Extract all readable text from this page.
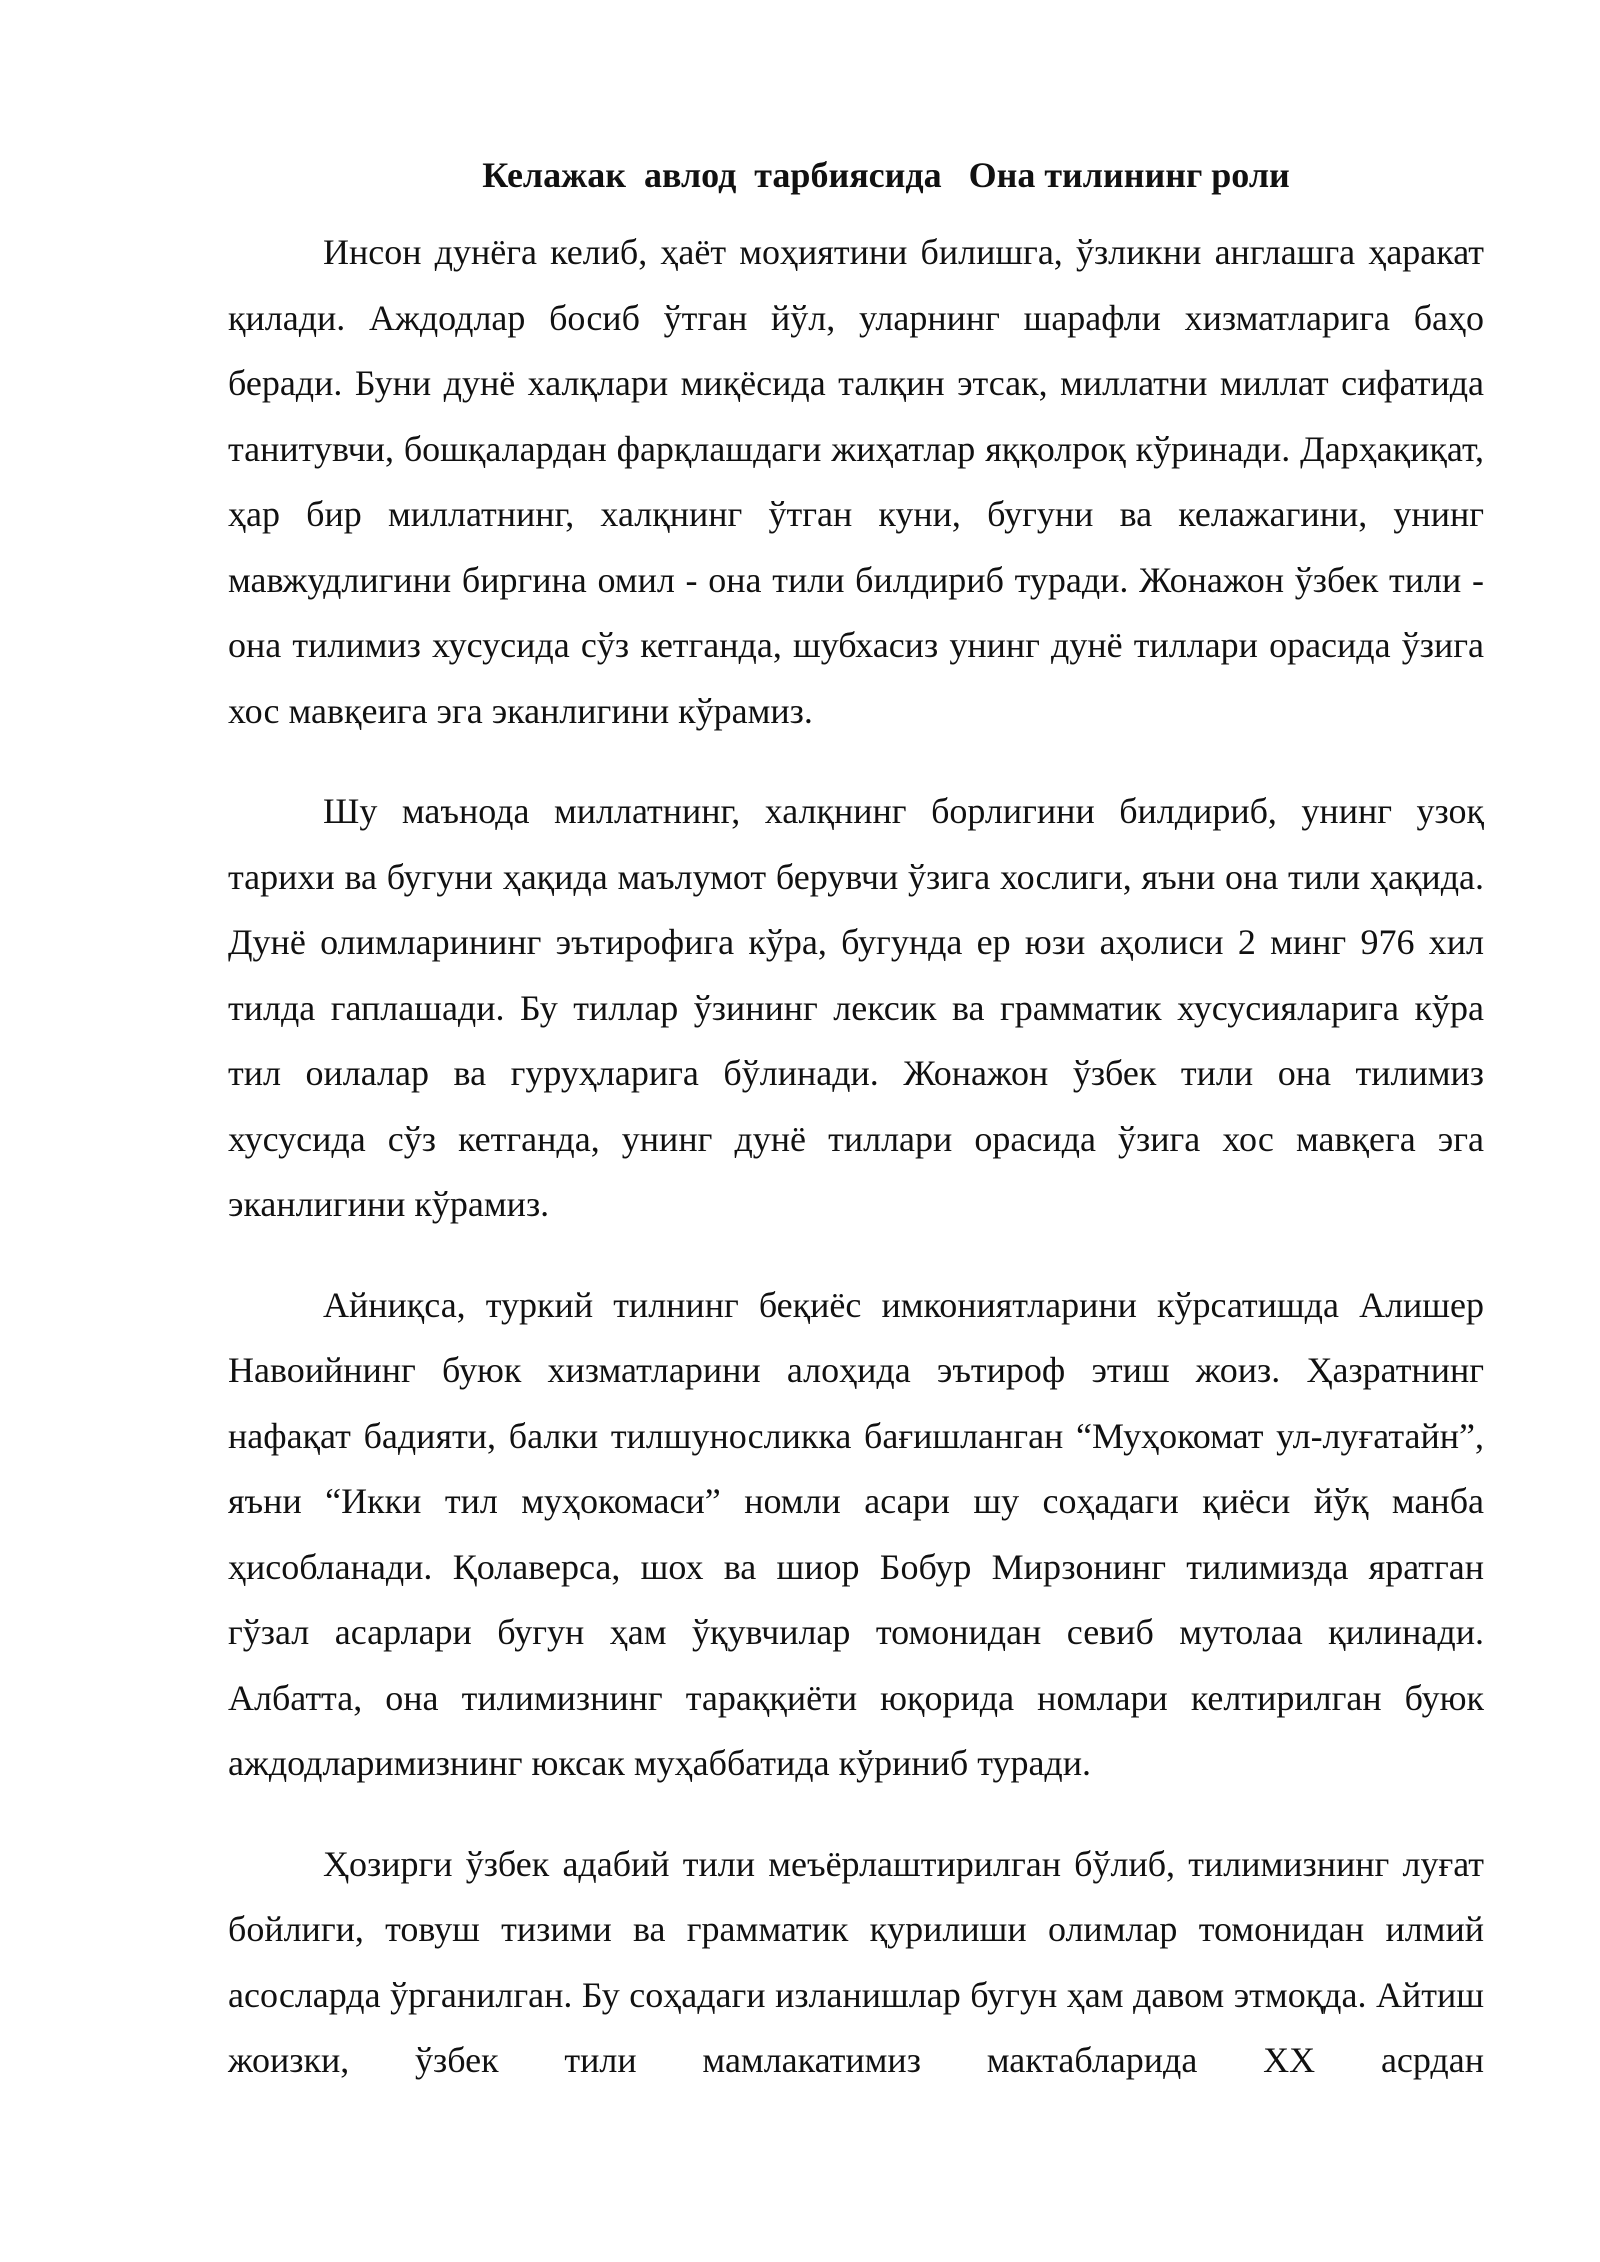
Келажак  авлод  тарбиясида   Она тилининг роли

Инсон дунёга келиб, ҳаёт моҳиятини билишга, ўзликни англашга ҳаракат қилади. Аждодлар босиб ўтган йўл, уларнинг шарафли хизматларига баҳо беради. Буни дунё халқлари миқёсида талқин этсак, миллатни миллат сифатида танитувчи, бошқалардан фарқлашдаги жиҳатлар яққолроқ кўринади. Дарҳақиқат, ҳар бир миллатнинг, халқнинг ўтган куни, бугуни ва келажагини, унинг мавжудлигини биргина омил - она тили билдириб туради. Жонажон ўзбек тили - она тилимиз хусусида сўз кетганда, шубхасиз унинг дунё тиллари орасида ўзига хос мавқеига эга эканлигини кўрамиз.

Шу маънода миллатнинг, халқнинг борлигини билдириб, унинг узоқ тарихи ва бугуни ҳақида маълумот берувчи ўзига хослиги, яъни она тили ҳақида. Дунё олимларининг эътирофига кўра, бугунда ер юзи аҳолиси 2 минг 976 хил тилда гаплашади. Бу тиллар ўзининг лексик ва грамматик хусусияларига кўра тил оилалар ва гуруҳларига бўлинади. Жонажон ўзбек тили она тилимиз хусусида сўз кетганда, унинг дунё тиллари орасида ўзига хос мавқега эга эканлигини кўрамиз.

Айниқса, туркий тилнинг беқиёс имкониятларини кўрсатишда Алишер Навоийнинг буюк хизматларини алоҳида эътироф этиш жоиз. Ҳазратнинг нафақат бадияти, балки тилшуносликка бағишланган “Муҳокомат ул-луғатайн”, яъни “Икки тил муҳокомаси” номли асари шу соҳадаги қиёси йўқ манба ҳисобланади. Қолаверса, шох ва шиор Бобур Мирзонинг тилимизда яратган гўзал асарлари бугун ҳам ўқувчилар томонидан севиб мутолаа қилинади. Албатта, она тилимизнинг тараққиёти юқорида номлари келтирилган буюк аждодларимизнинг юксак муҳаббатида кўриниб туради.

Ҳозирги ўзбек адабий тили меъёрлаштирилган бўлиб, тилимизнинг луғат бойлиги, товуш тизими ва грамматик қурилиши олимлар томонидан илмий асосларда ўрганилган. Бу соҳадаги изланишлар бугун ҳам давом этмоқда. Айтиш жоизки, ўзбек тили мамлакатимиз мактабларида ХХ асрдан
